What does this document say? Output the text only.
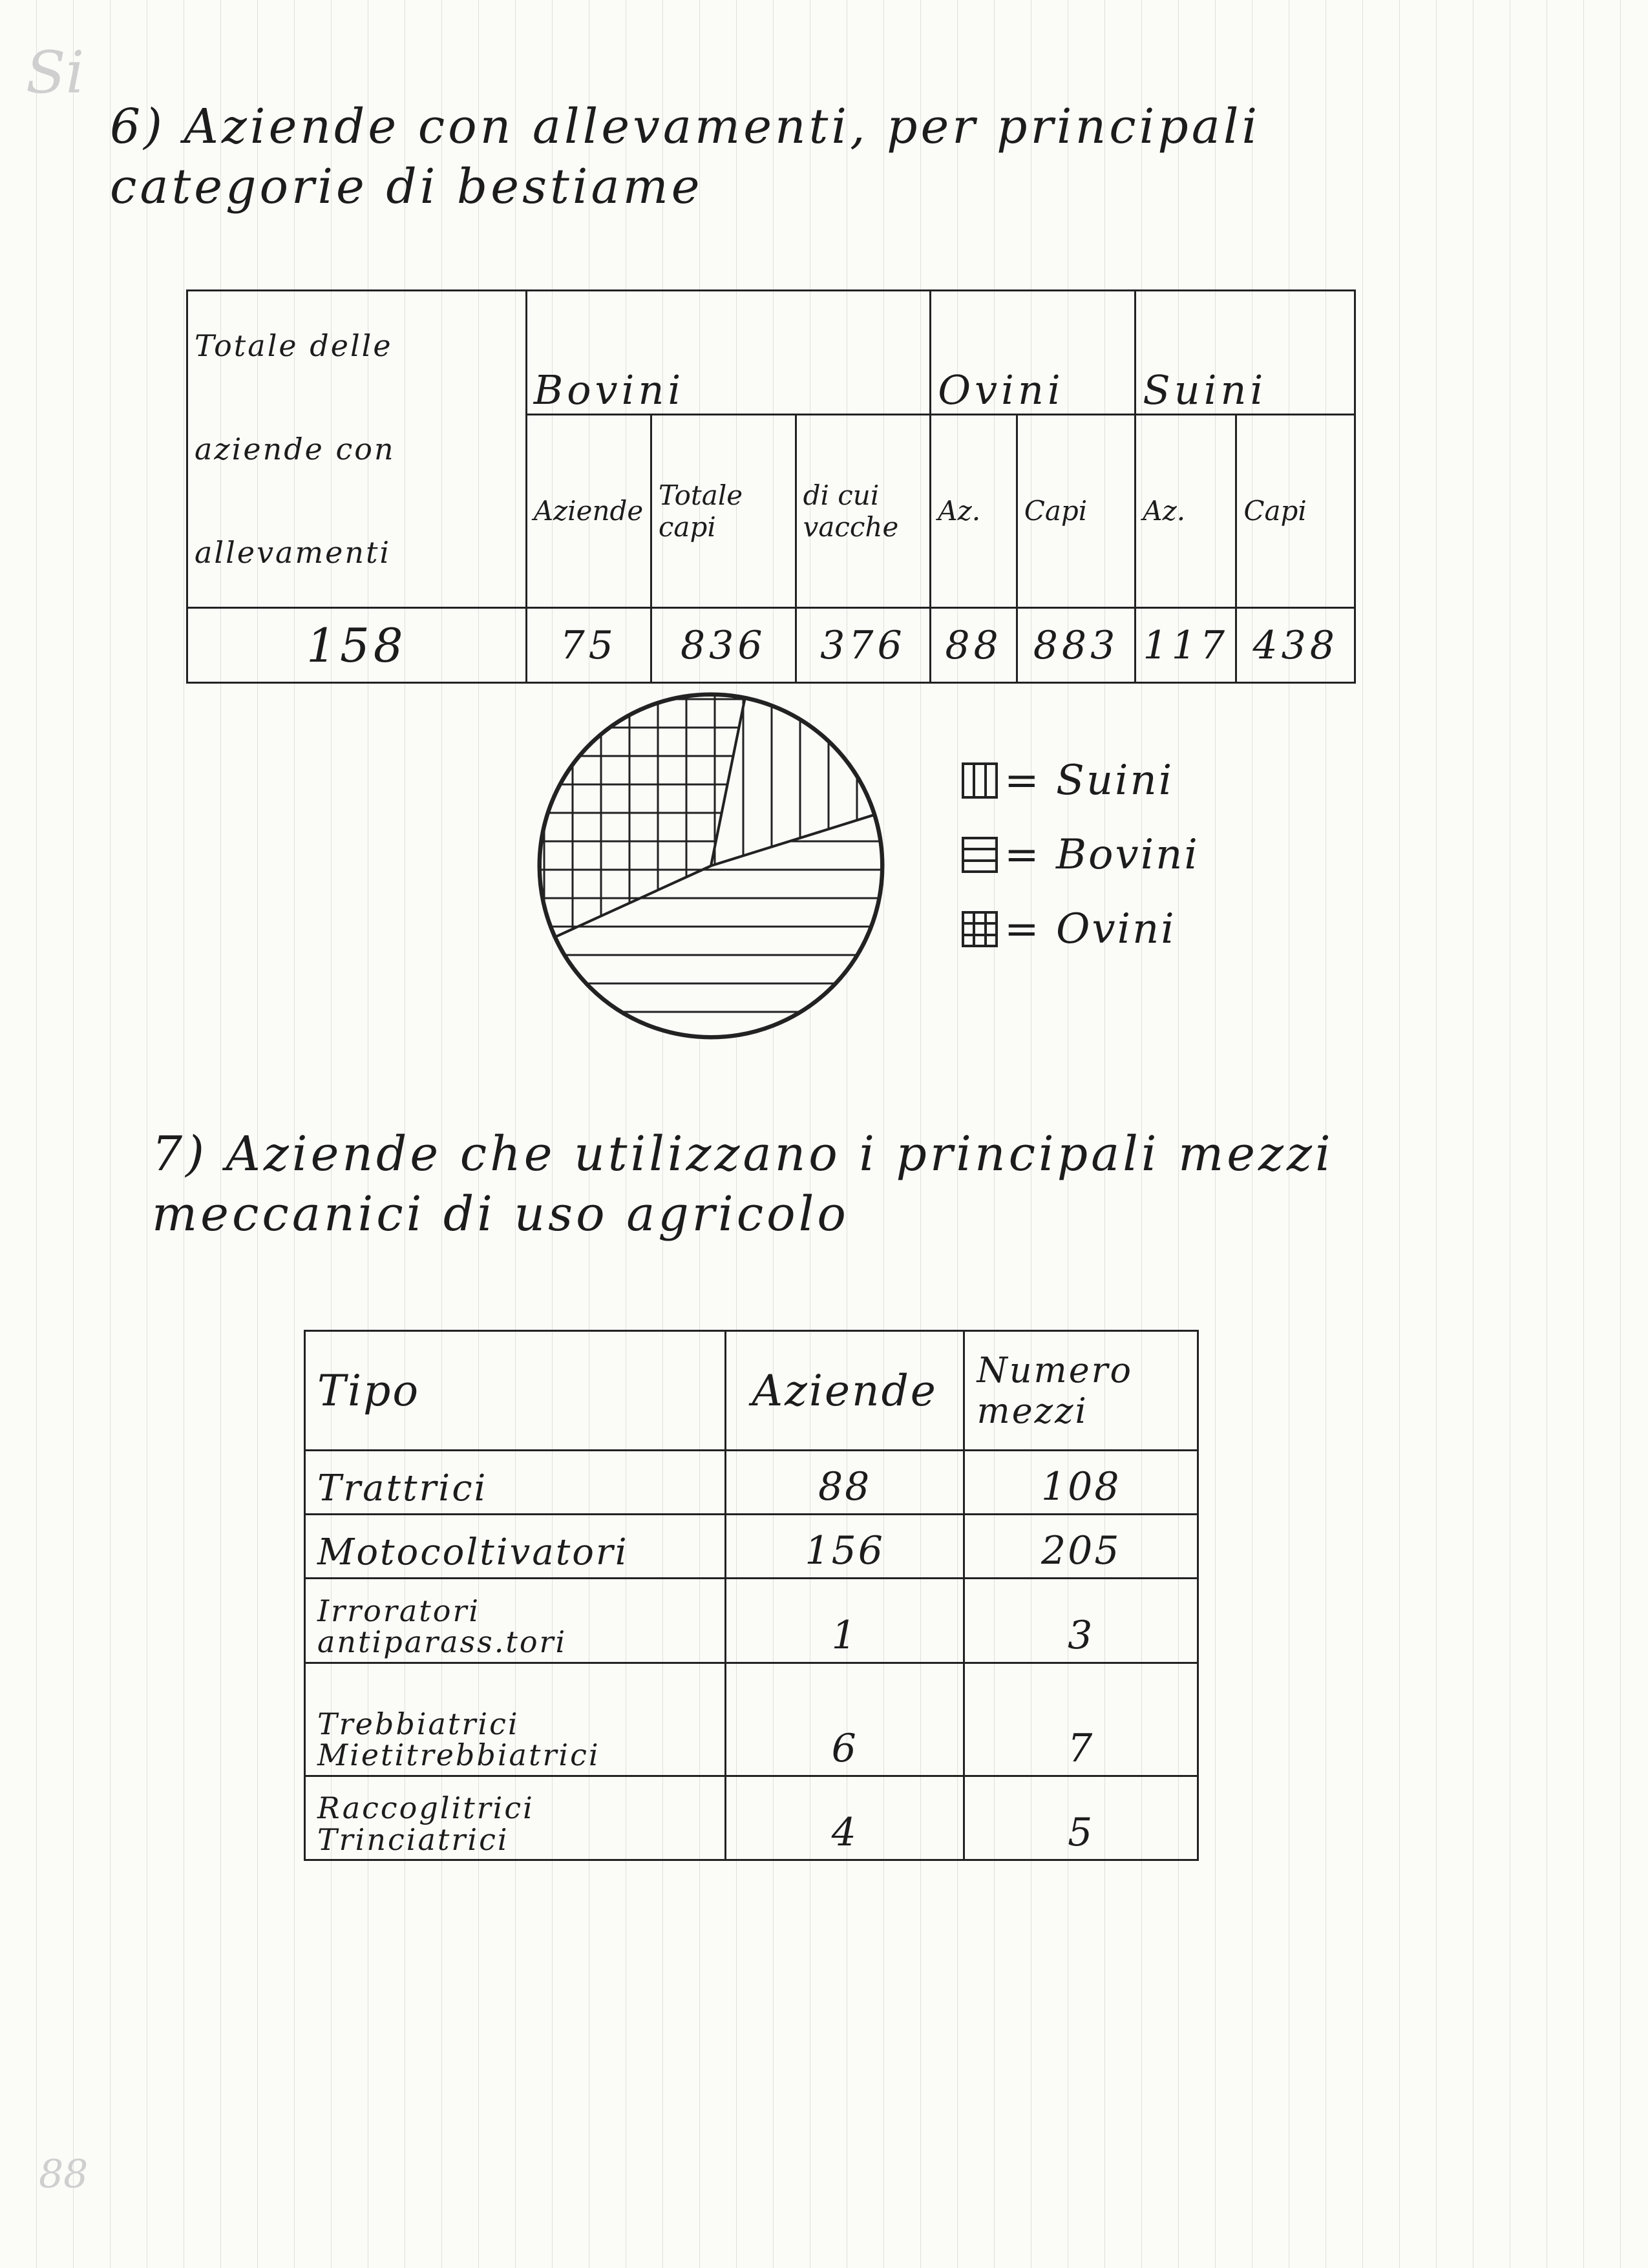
Si
6) Aziende con allevamenti, per principali categorie di bestiame
Totale delle aziende con allevamenti	Bovini			Ovini		Suini	
	Aziende	Totale capi	di cui vacche	Az.	Capi	Az.	Capi
158	75	836	376	88	883	117	438
= Suini
= Bovini
= Ovini
7) Aziende che utilizzano i principali mezzi meccanici di uso agricolo
Tipo	Aziende	Numero mezzi
Trattrici	88	108
Motocoltivatori	156	205
Irroratori antiparass.tori	1	3
Trebbiatrici Mietitrebbiatrici	6	7
Raccoglitrici Trinciatrici	4	5
88
